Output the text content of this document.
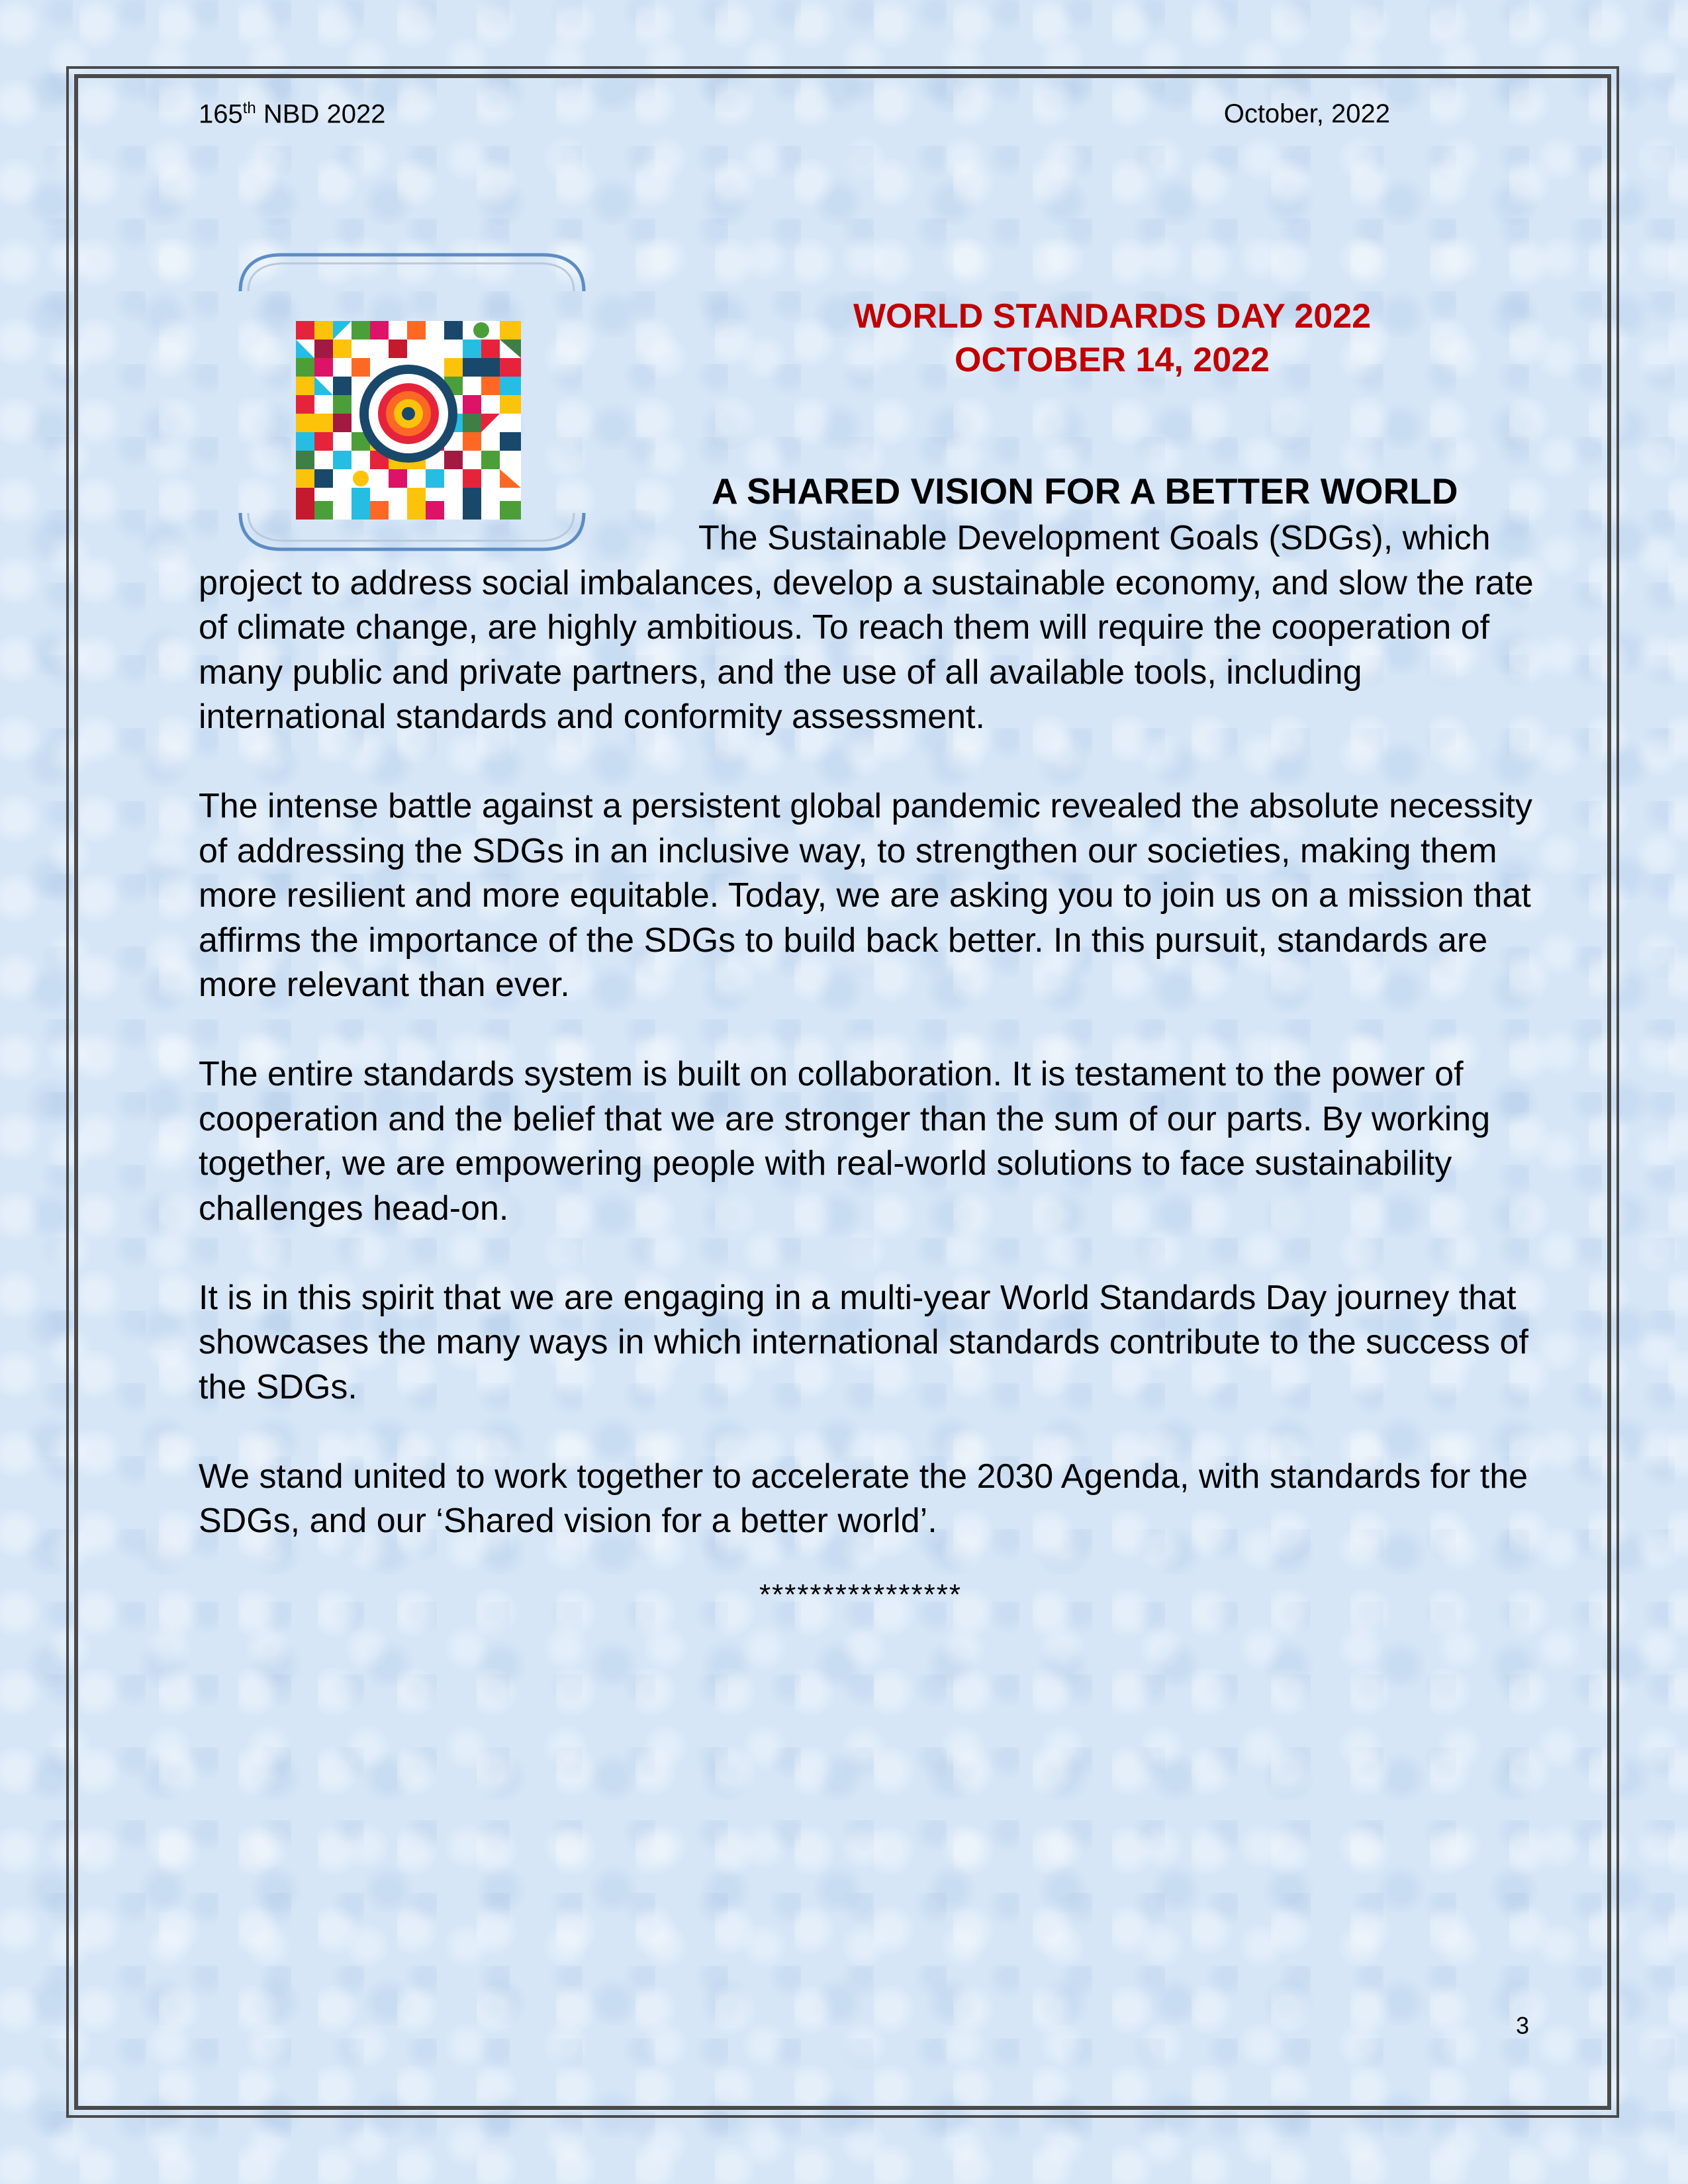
165th NBD 2022	October, 2022
WORLD STANDARDS DAY 2022
OCTOBER 14, 2022
A SHARED VISION FOR A BETTER WORLD

The Sustainable Development Goals (SDGs), which project to address social imbalances, develop a sustainable economy, and slow the rate of climate change, are highly ambitious. To reach them will require the cooperation of many public and private partners, and the use of all available tools, including international standards and conformity assessment.

The intense battle against a persistent global pandemic revealed the absolute necessity of addressing the SDGs in an inclusive way, to strengthen our societies, making them more resilient and more equitable. Today, we are asking you to join us on a mission that affirms the importance of the SDGs to build back better. In this pursuit, standards are more relevant than ever.

The entire standards system is built on collaboration. It is testament to the power of cooperation and the belief that we are stronger than the sum of our parts. By working together, we are empowering people with real-world solutions to face sustainability challenges head-on.

It is in this spirit that we are engaging in a multi-year World Standards Day journey that showcases the many ways in which international standards contribute to the success of the SDGs.

We stand united to work together to accelerate the 2030 Agenda, with standards for the SDGs, and our ‘Shared vision for a better world’.

****************
3
